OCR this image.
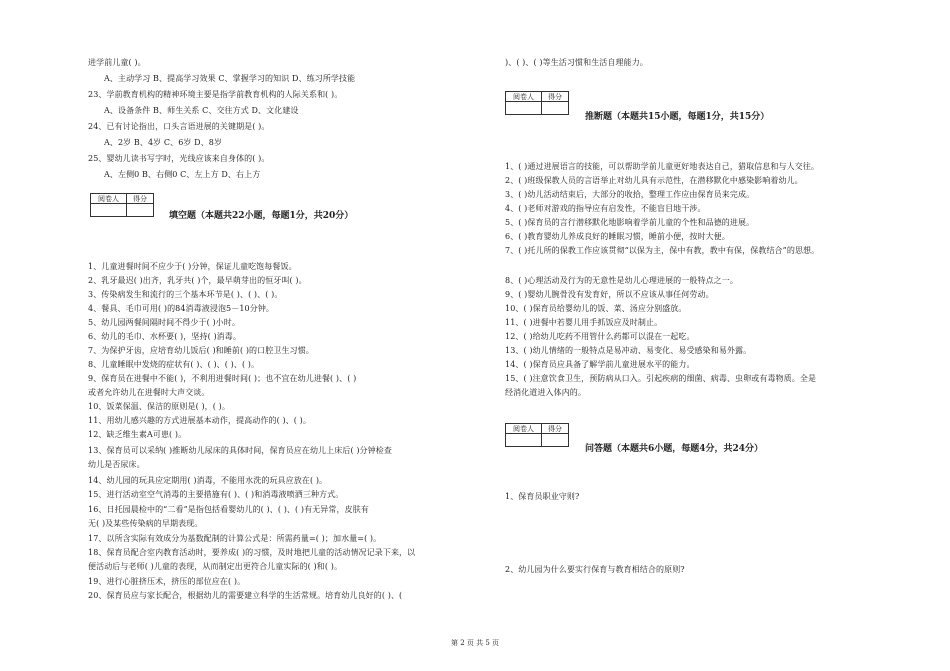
进学前儿童( )。
A、主动学习 B、提高学习效果 C、掌握学习的知识 D、练习所学技能
23、学前教育机构的精神环境主要是指学前教育机构的人际关系和( )。
A、设备条件 B、师生关系 C、交往方式 D、文化建设
24、已有讨论指出，口头言语进展的关键期是( )。
A、2岁 B、4岁 C、6岁 D、8岁
25、婴幼儿读书写字时，光线应该来自身体的( )。
A、左侧0 B、右侧0 C、左上方 D、右上方
阅卷人	得分
填空题（本题共22小题，每题1分，共20分）
1、儿童进餐时间不应少于( )分钟，保证儿童吃饱每餐饭。
2、乳牙最迟( )出齐，乳牙共( )个，最早萌芽出的恒牙叫( )。
3、传染病发生和流行的三个基本环节是( )、( )、( )。
4、餐具、毛巾可用( )的84消毒液浸泡5－10分钟。
5、幼儿园两餐间隔时间不得少于( )小时。
6、幼儿的毛巾、水杯要( )，坚持( )消毒。
7、为保护牙齿，应培育幼儿饭后( )和睡前( )的口腔卫生习惯。
8、儿童睡眠中发烧的症状有( )、( )、( )、( )。
9、保育员在进餐中不能( )，不利用进餐时间( )；也不宜在幼儿进餐( )、( )
或者允许幼儿在进餐时大声交谈。
10、饭菜保温、保洁的原则是( )，( )。
11、用幼儿感兴趣的方式进展基本动作，提高动作的( )、( )。
12、缺乏维生素A可患( )。
13、保育员可以采纳( )推断幼儿尿床的具体时间，保育员应在幼儿上床后( )分钟检查
幼儿是否尿床。
14、幼儿园的玩具应定期用( )消毒，不能用水洗的玩具应放在( )。
15、进行活动室空气消毒的主要措施有( )、( )和消毒液喷洒三种方式。
16、日托园晨检中的“二看”是指包括看婴幼儿的( )、( )、( )有无异常，皮肤有
无( )及某些传染病的早期表现。
17、以所含实际有效成分为基数配制的计算公式是：所需药量=( )；加水量=( )。
18、保育员配合室内教育活动时，要养成( )的习惯，及时地把儿童的活动情况记录下来，以
便活动后与老师( )儿童的表现，从而制定出更符合儿童实际的( )和( )。
19、进行心脏挤压术，挤压的部位应在( )。
20、保育员应与家长配合，根据幼儿的需要建立科学的生活常规。培育幼儿良好的( )、(
)、( )、( )等生活习惯和生活自理能力。
阅卷人	得分
推断题（本题共15小题，每题1分，共15分）
1、( )通过进展语言的技能，可以帮助学前儿童更好地表达自己，猎取信息和与人交往。
2、( )班级保教人员的言语举止对幼儿具有示范性，在潜移默化中感染影响着幼儿。
3、( )幼儿活动结束后，大部分的收拾，整理工作应由保育员来完成。
4、( )老师对游戏的指导应有启发性，不能盲目地干涉。
5、( )保育员的言行潜移默化地影响着学前儿童的个性和品德的进展。
6、( )教育婴幼儿养成良好的睡眠习惯，睡前小便，按时大便。
7、( )托儿所的保教工作应该贯彻“以保为主，保中有教，教中有保，保教结合”的思想。
8、( )心理活动及行为的无意性是幼儿心理进展的一般特点之一。
9、( )婴幼儿腕骨没有发育好，所以不应该从事任何劳动。
10、( )保育员给婴幼儿的饭、菜、汤应分别盛放。
11、( )进餐中若婴儿用手抓饭应及时制止。
12、( )给幼儿吃药不用管什么药都可以混在一起吃。
13、( )幼儿情绪的一般特点是易冲动、易变化、易受感染和易外露。
14、( )保育员应具备了解学前儿童进展水平的能力。
15、( )注意饮食卫生，预防病从口入。引起疾病的细菌、病毒、虫卵或有毒物质。全是
经消化道进入体内的。
阅卷人	得分
问答题（本题共6小题，每题4分，共24分）
1、保育员职业守则?
2、幼儿园为什么要实行保育与教育相结合的原则?
第 2 页 共 5 页
